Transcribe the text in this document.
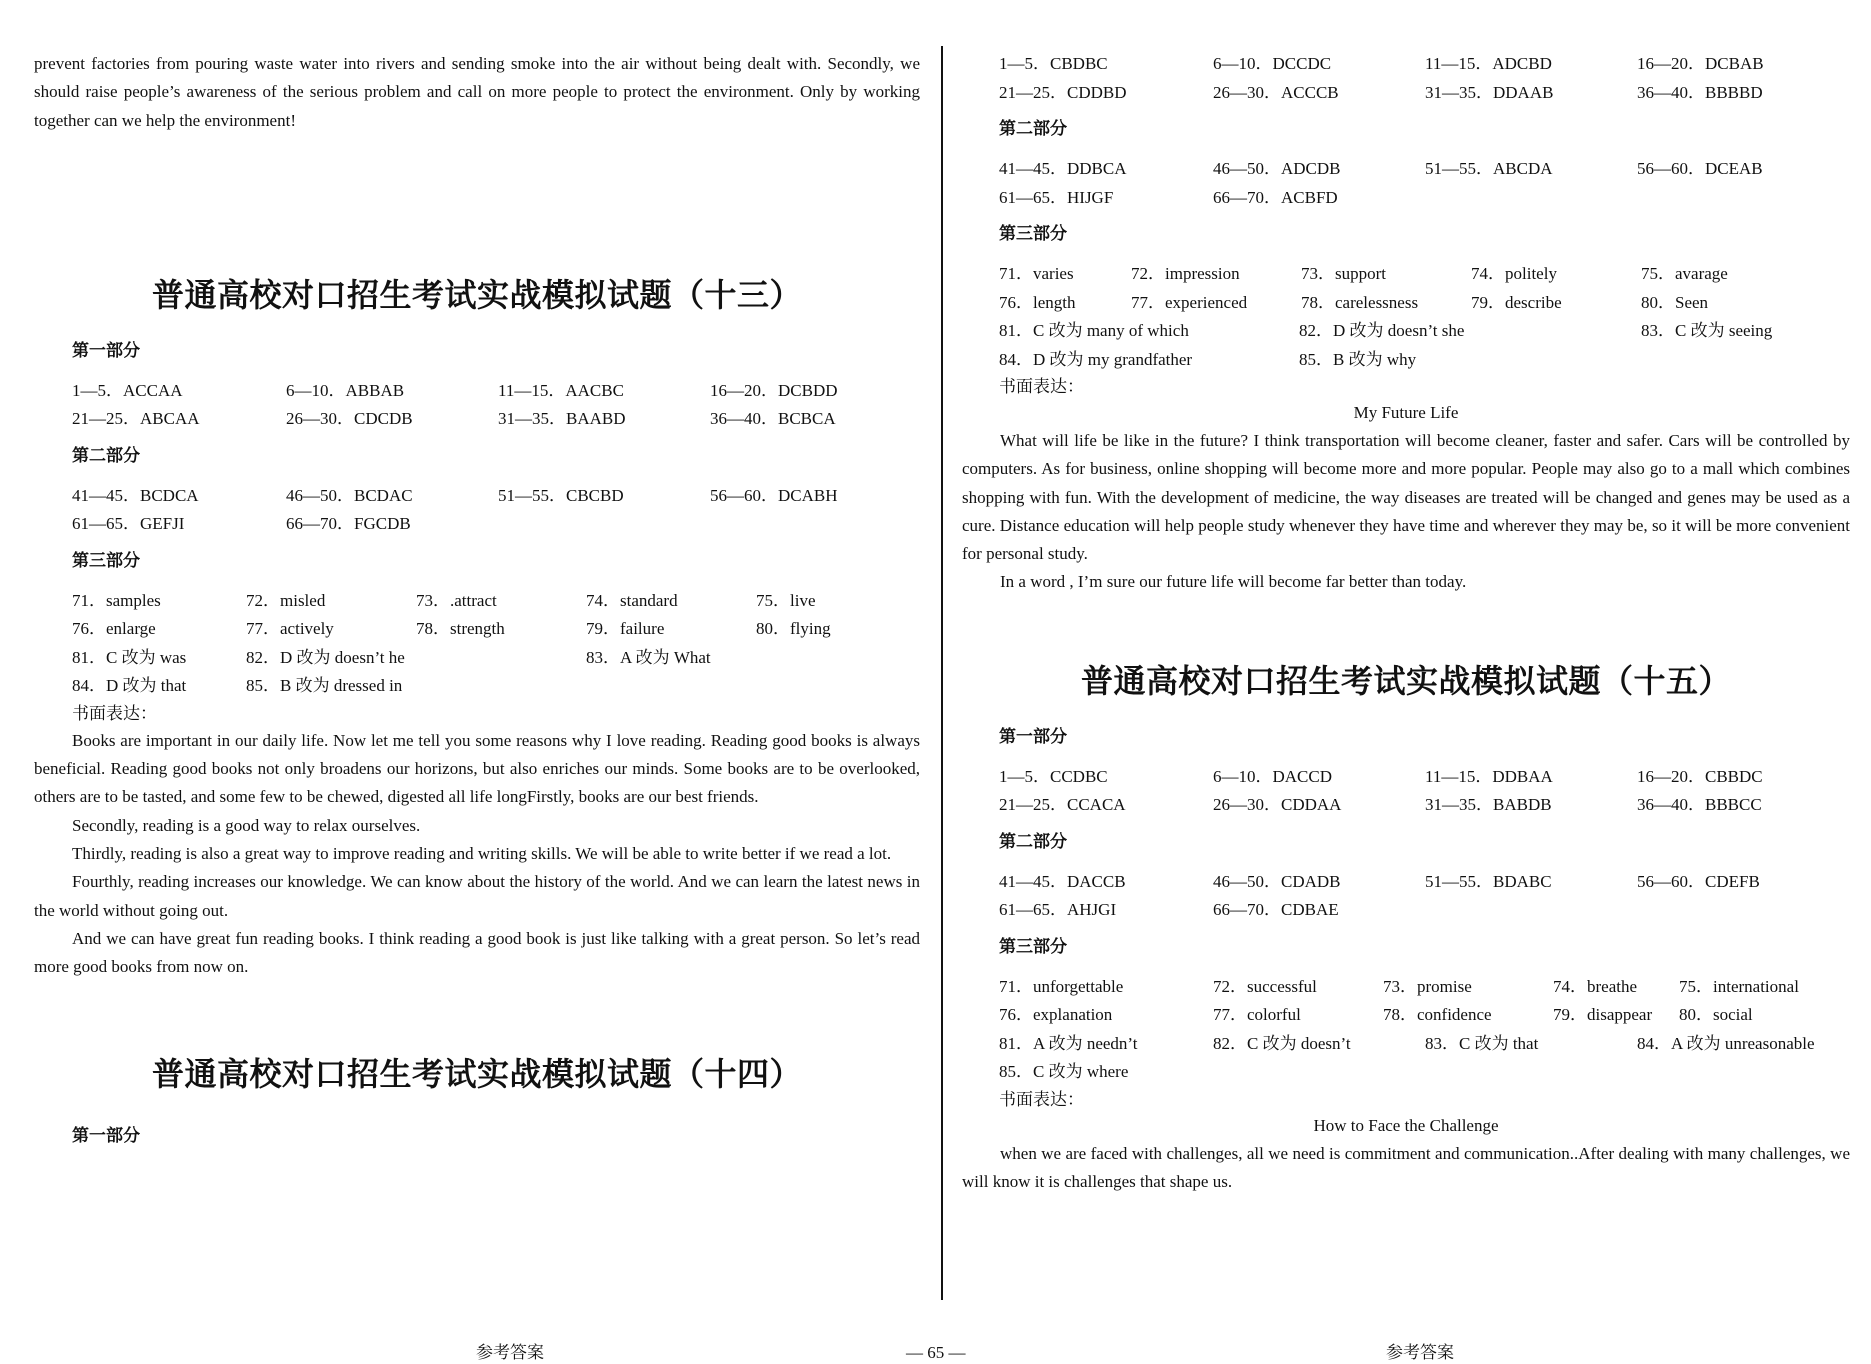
prevent factories from pouring waste water into rivers and sending smoke into the air without being dealt with. Secondly, we should raise people’s awareness of the serious problem and call on more people to protect the environment. Only by working together can we help the environment!

普通高校对口招生考试实战模拟试题（十三）

第一部分

1—5．ACCAA	6—10．ABBAB	11—15．AACBC	16—20．DCBDD
21—25．ABCAA	26—30．CDCDB	31—35．BAABD	36—40．BCBCA

第二部分

41—45．BCDCA	46—50．BCDAC	51—55．CBCBD	56—60．DCABH
61—65．GEFJI	66—70．FGCDB

第三部分

71．samples	72．misled	73．.attract	74．standard	75．live
76．enlarge	77．actively	78．strength	79．failure	80．flying
81．C 改为 was	82．D 改为 doesn’t he	83．A 改为 What
84．D 改为 that	85．B 改为 dressed in

书面表达：

Books are important in our daily life. Now let me tell you some reasons why I love reading. Reading good books is always beneficial. Reading good books not only broadens our horizons, but also enriches our minds. Some books are to be overlooked, others are to be tasted, and some few to be chewed, digested all life longFirstly, books are our best friends.

Secondly, reading is a good way to relax ourselves.

Thirdly, reading is also a great way to improve reading and writing skills. We will be able to write better if we read a lot.

Fourthly, reading increases our knowledge. We can know about the history of the world. And we can learn the latest news in the world without going out.

And we can have great fun reading books. I think reading a good book is just like talking with a great person. So let’s read more good books from now on.

普通高校对口招生考试实战模拟试题（十四）

第一部分

1—5．CBDBC	6—10．DCCDC	11—15．ADCBD	16—20．DCBAB
21—25．CDDBD	26—30．ACCCB	31—35．DDAAB	36—40．BBBBD

第二部分

41—45．DDBCA	46—50．ADCDB	51—55．ABCDA	56—60．DCEAB
61—65．HIJGF	66—70．ACBFD

第三部分

71．varies	72．impression	73．support	74．politely	75．avarage
76．length	77．experienced	78．carelessness	79．describe	80．Seen
81．C 改为 many of which	82．D 改为 doesn’t she	83．C 改为 seeing
84．D 改为 my grandfather	85．B 改为 why

书面表达：

My Future Life

What will life be like in the future? I think transportation will become cleaner, faster and safer. Cars will be controlled by computers. As for business, online shopping will become more and more popular. People may also go to a mall which combines shopping with fun. With the development of medicine, the way diseases are treated will be changed and genes may be used as a cure. Distance education will help people study whenever they have time and wherever they may be, so it will be more convenient for personal study.

In a word , I’m sure our future life will become far better than today.

普通高校对口招生考试实战模拟试题（十五）

第一部分

1—5．CCDBC	6—10．DACCD	11—15．DDBAA	16—20．CBBDC
21—25．CCACA	26—30．CDDAA	31—35．BABDB	36—40．BBBCC

第二部分

41—45．DACCB	46—50．CDADB	51—55．BDABC	56—60．CDEFB
61—65．AHJGI	66—70．CDBAE

第三部分

71．unforgettable	72．successful	73．promise	74．breathe	75．international
76．explanation	77．colorful	78．confidence	79．disappear	80．social
81．A 改为 needn’t	82．C 改为 doesn’t	83．C 改为 that	84．A 改为 unreasonable
85．C 改为 where

书面表达：

How to Face the Challenge

when we are faced with challenges, all we need is commitment and communication..After dealing with many challenges, we will know it is challenges that shape us.

参考答案	— 65 —	参考答案
